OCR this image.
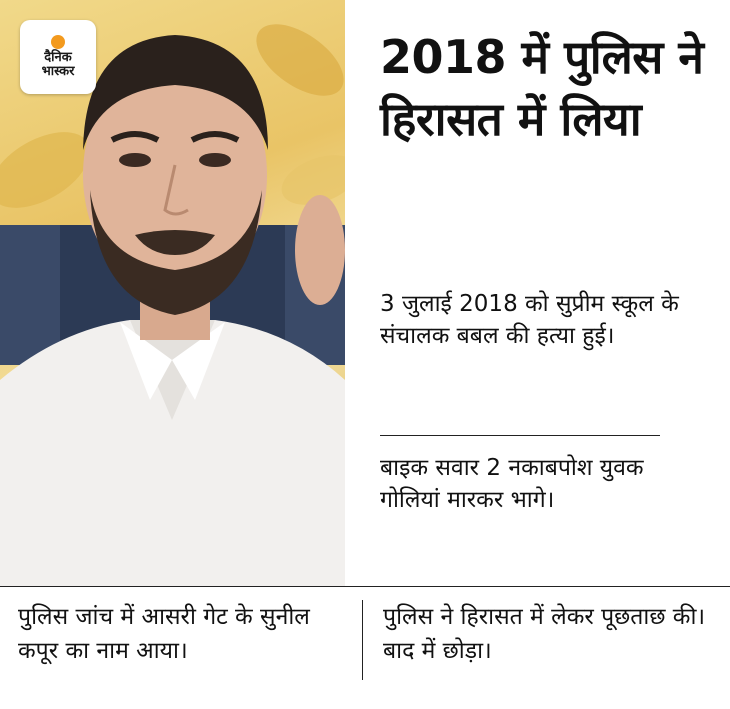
दैनिक
भास्कर	2018 में पुलिस ने हिरासत में लिया
3 जुलाई 2018 को सुप्रीम स्कूल के संचालक बबल की हत्या हुई।
बाइक सवार 2 नकाबपोश युवक गोलियां मारकर भागे।
पुलिस जांच में आसरी गेट के सुनील कपूर का नाम आया।
पुलिस ने हिरासत में लेकर पूछताछ की। बाद में छोड़ा।
